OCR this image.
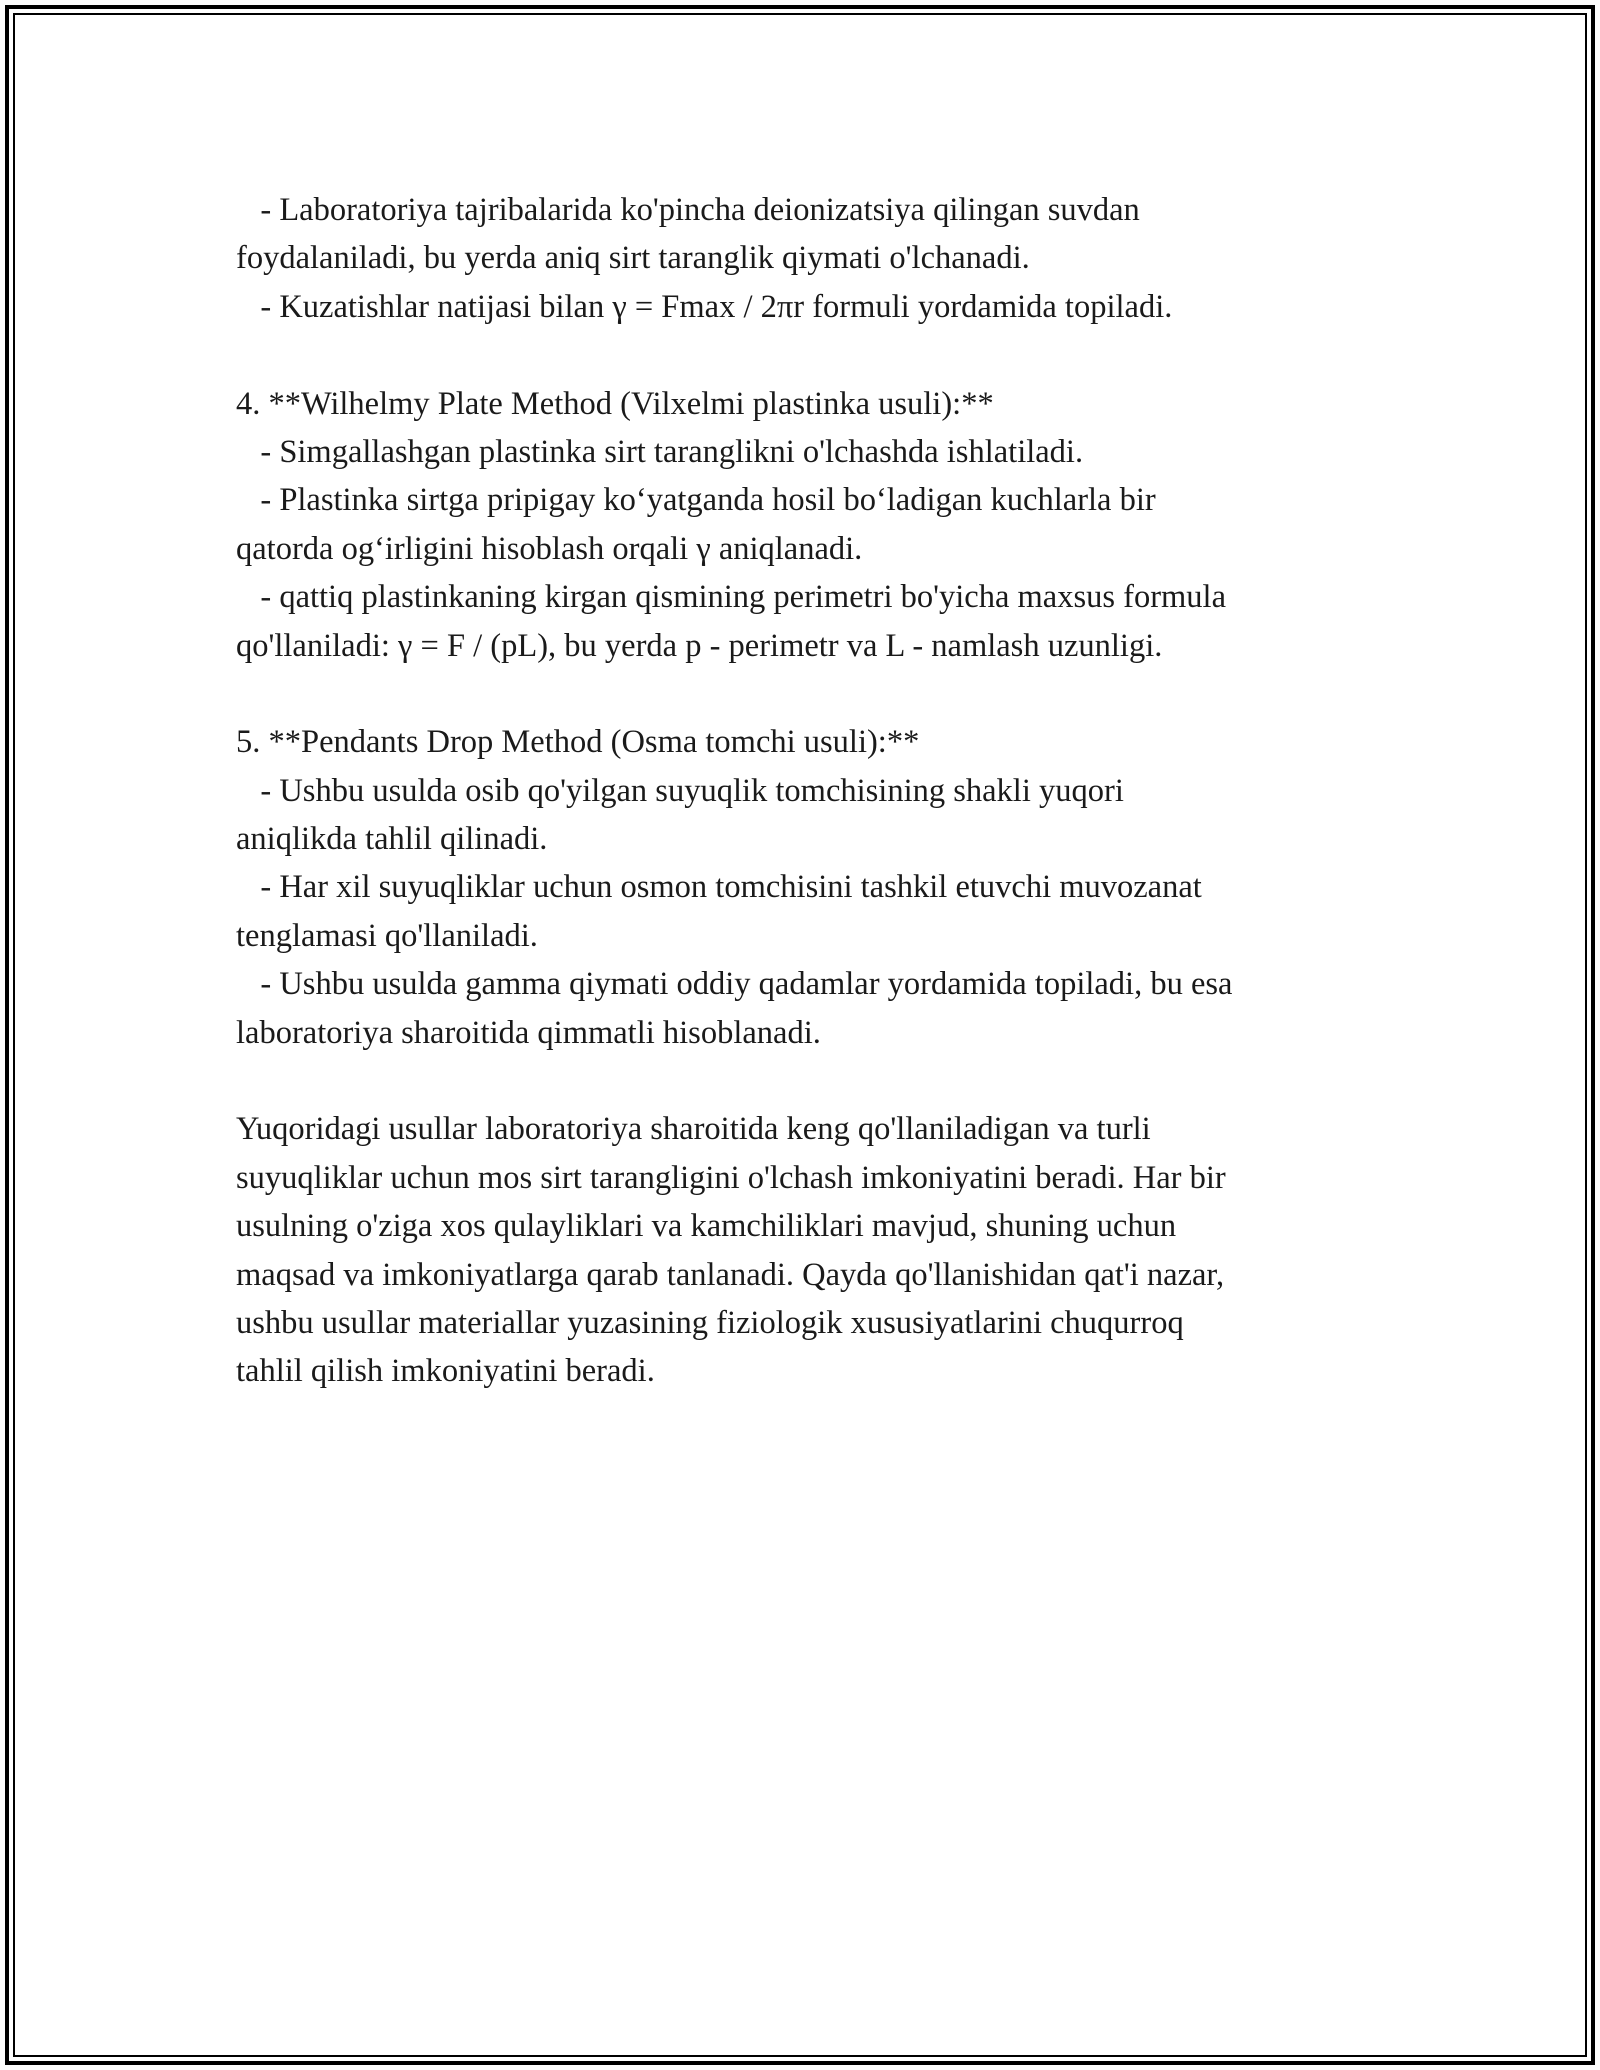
- Laboratoriya tajribalarida ko'pincha deionizatsiya qilingan suvdan
foydalaniladi, bu yerda aniq sirt taranglik qiymati o'lchanadi.
- Kuzatishlar natijasi bilan γ = Fmax / 2πr formuli yordamida topiladi.
4. **Wilhelmy Plate Method (Vilxelmi plastinka usuli):**
- Simgallashgan plastinka sirt taranglikni o'lchashda ishlatiladi.
- Plastinka sirtga pripigay koʻyatganda hosil boʻladigan kuchlarla bir
qatorda ogʻirligini hisoblash orqali γ aniqlanadi.
- qattiq plastinkaning kirgan qismining perimetri bo'yicha maxsus formula
qo'llaniladi: γ = F / (pL), bu yerda p - perimetr va L - namlash uzunligi.
5. **Pendants Drop Method (Osma tomchi usuli):**
- Ushbu usulda osib qo'yilgan suyuqlik tomchisining shakli yuqori
aniqlikda tahlil qilinadi.
- Har xil suyuqliklar uchun osmon tomchisini tashkil etuvchi muvozanat
tenglamasi qo'llaniladi.
- Ushbu usulda gamma qiymati oddiy qadamlar yordamida topiladi, bu esa
laboratoriya sharoitida qimmatli hisoblanadi.
Yuqoridagi usullar laboratoriya sharoitida keng qo'llaniladigan va turli
suyuqliklar uchun mos sirt tarangligini o'lchash imkoniyatini beradi. Har bir
usulning o'ziga xos qulayliklari va kamchiliklari mavjud, shuning uchun
maqsad va imkoniyatlarga qarab tanlanadi. Qayda qo'llanishidan qat'i nazar,
ushbu usullar materiallar yuzasining fiziologik xususiyatlarini chuqurroq
tahlil qilish imkoniyatini beradi.
